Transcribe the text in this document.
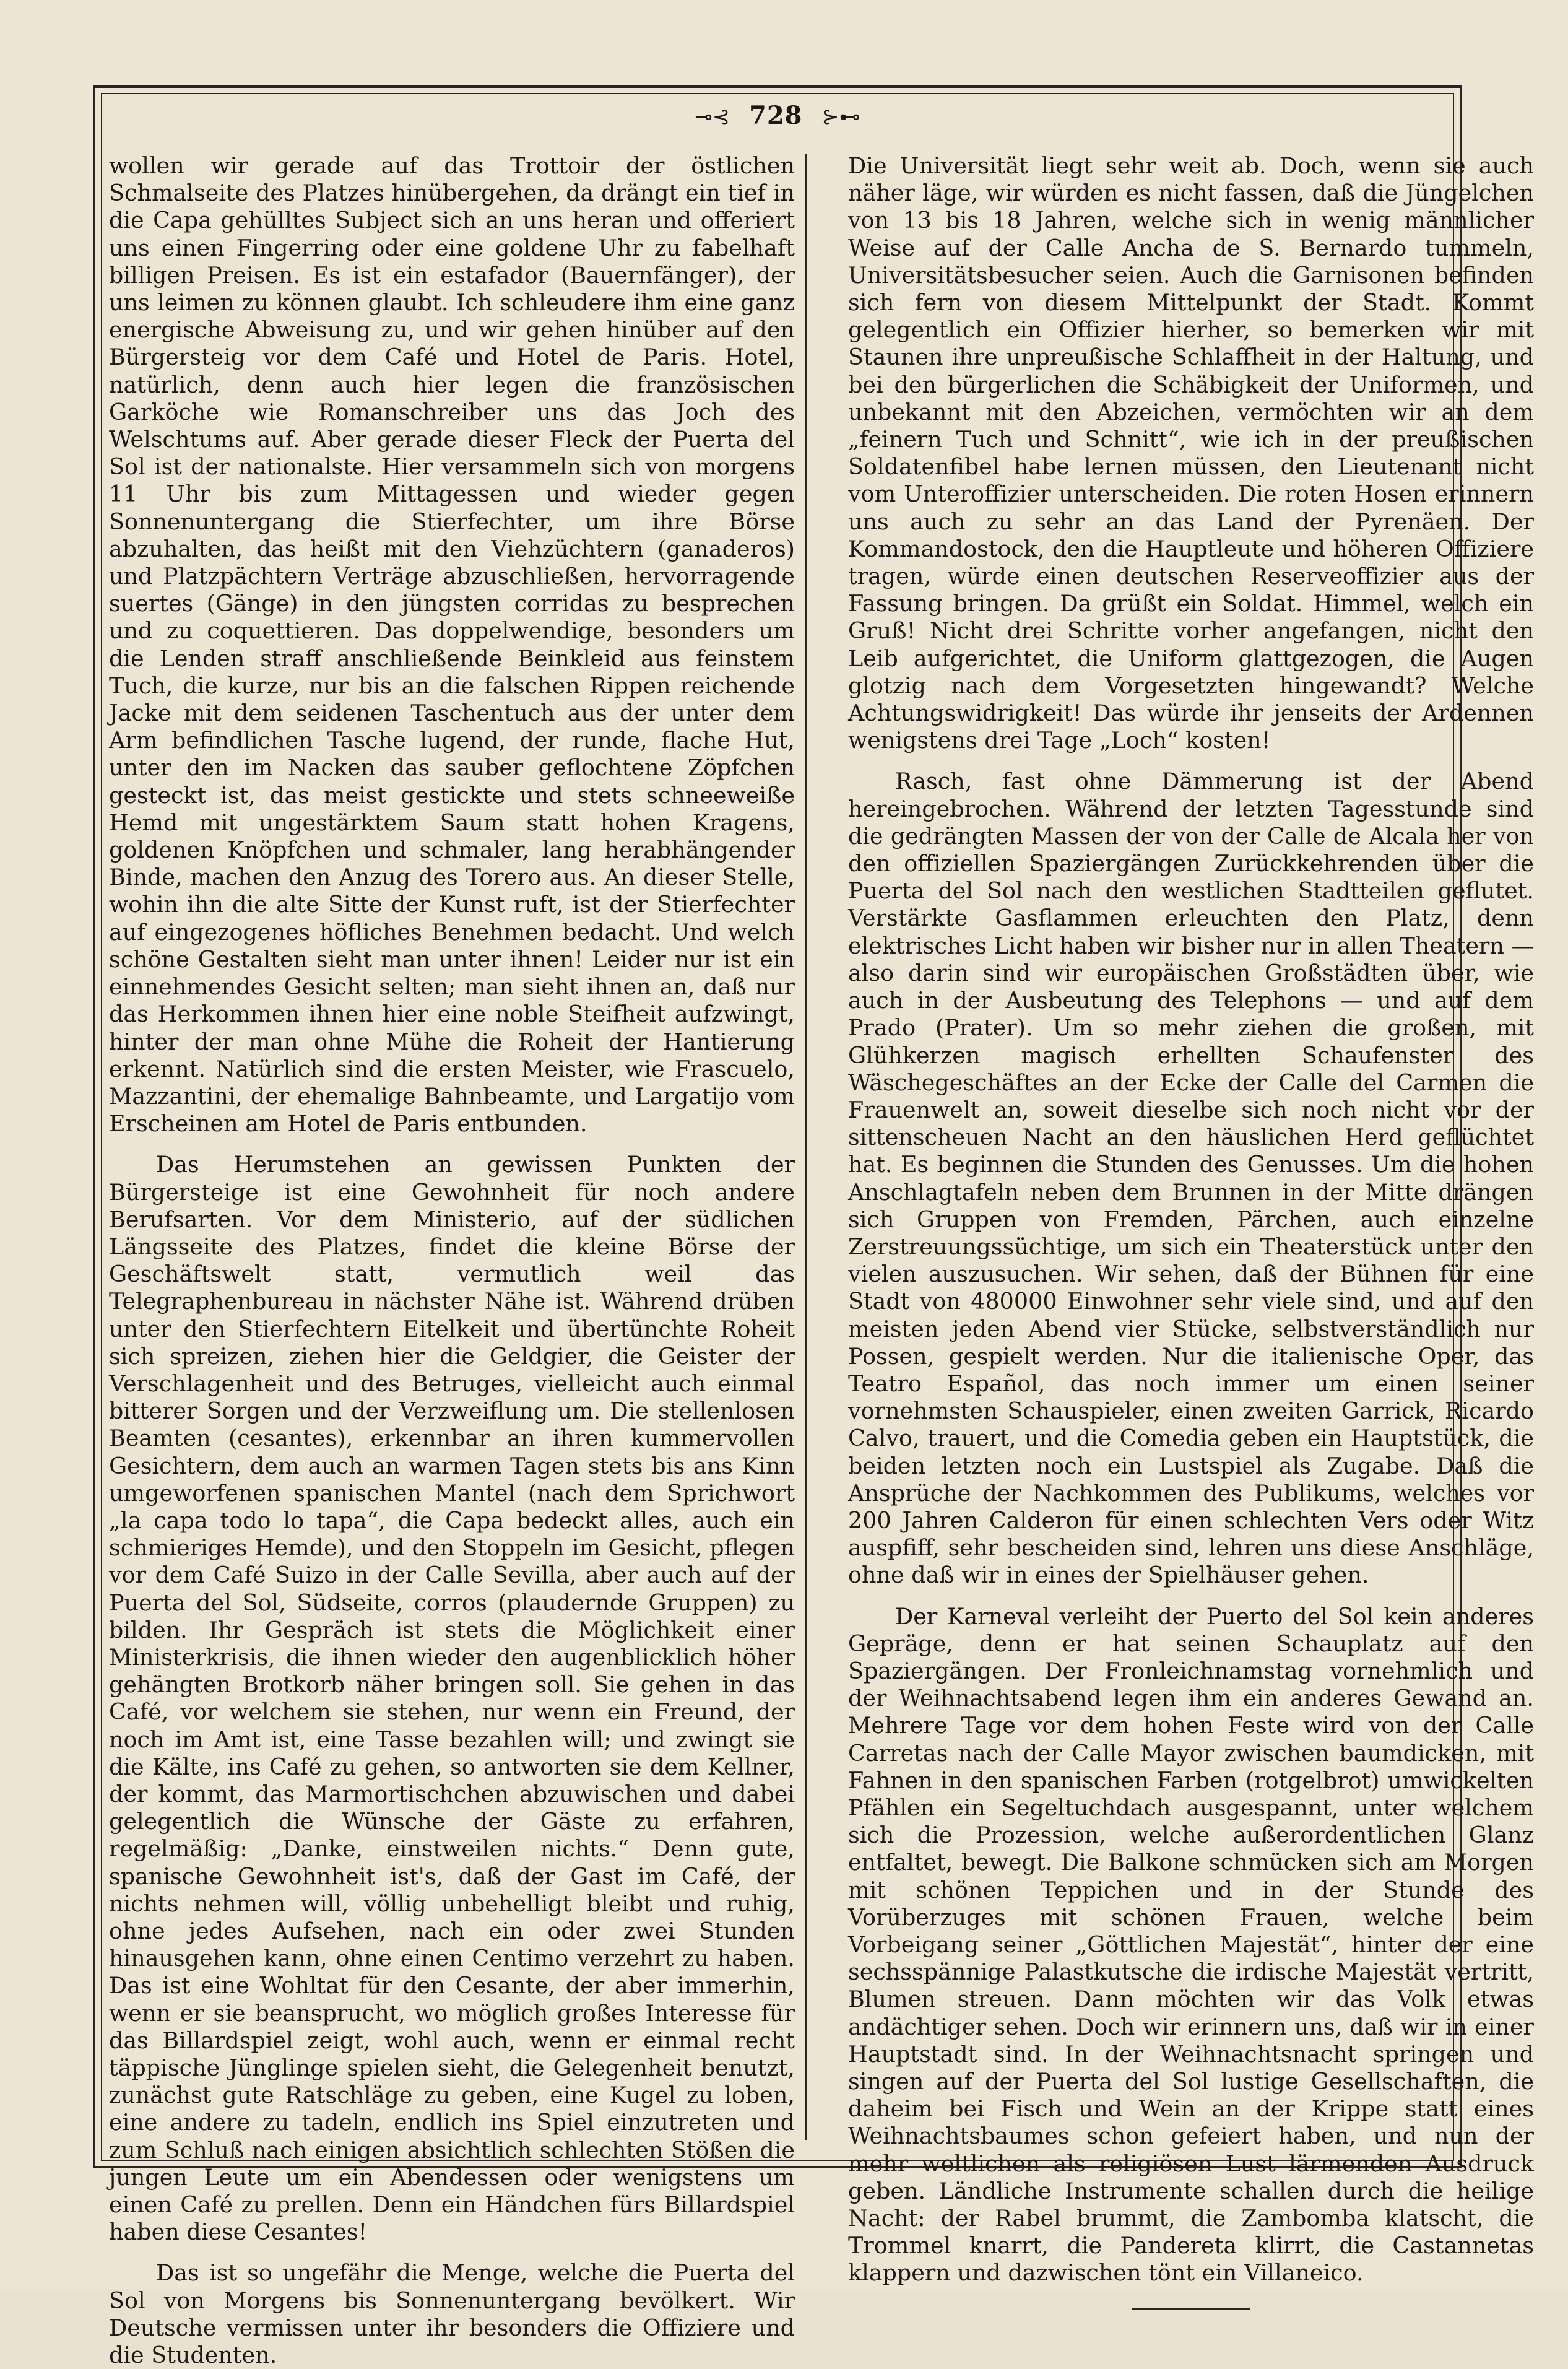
⊸⊰ 728 ⊱⊷

wollen wir gerade auf das Trottoir der östlichen Schmalseite des Platzes hinübergehen, da drängt ein tief in die Capa gehülltes Subject sich an uns heran und offeriert uns einen Fingerring oder eine goldene Uhr zu fabelhaft billigen Preisen. Es ist ein estafador (Bauernfänger), der uns leimen zu können glaubt. Ich schleudere ihm eine ganz energische Abweisung zu, und wir gehen hinüber auf den Bürgersteig vor dem Café und Hotel de Paris. Hotel, natürlich, denn auch hier legen die französischen Garköche wie Romanschreiber uns das Joch des Welschtums auf. Aber gerade dieser Fleck der Puerta del Sol ist der nationalste. Hier versammeln sich von morgens 11 Uhr bis zum Mittagessen und wieder gegen Sonnenuntergang die Stierfechter, um ihre Börse abzuhalten, das heißt mit den Viehzüchtern (ganaderos) und Platzpächtern Verträge abzuschließen, hervorragende suertes (Gänge) in den jüngsten corridas zu besprechen und zu coquettieren. Das doppelwendige, besonders um die Lenden straff anschließende Beinkleid aus feinstem Tuch, die kurze, nur bis an die falschen Rippen reichende Jacke mit dem seidenen Taschentuch aus der unter dem Arm befindlichen Tasche lugend, der runde, flache Hut, unter den im Nacken das sauber geflochtene Zöpfchen gesteckt ist, das meist gestickte und stets schneeweiße Hemd mit ungestärktem Saum statt hohen Kragens, goldenen Knöpfchen und schmaler, lang herabhängender Binde, machen den Anzug des Torero aus. An dieser Stelle, wohin ihn die alte Sitte der Kunst ruft, ist der Stierfechter auf eingezogenes höfliches Benehmen bedacht. Und welch schöne Gestalten sieht man unter ihnen! Leider nur ist ein einnehmendes Gesicht selten; man sieht ihnen an, daß nur das Herkommen ihnen hier eine noble Steifheit aufzwingt, hinter der man ohne Mühe die Roheit der Hantierung erkennt. Natürlich sind die ersten Meister, wie Frascuelo, Mazzantini, der ehemalige Bahnbeamte, und Largatijo vom Erscheinen am Hotel de Paris entbunden.

Das Herumstehen an gewissen Punkten der Bürgersteige ist eine Gewohnheit für noch andere Berufsarten. Vor dem Ministerio, auf der südlichen Längsseite des Platzes, findet die kleine Börse der Geschäftswelt statt, vermutlich weil das Telegraphenbureau in nächster Nähe ist. Während drüben unter den Stierfechtern Eitelkeit und übertünchte Roheit sich spreizen, ziehen hier die Geldgier, die Geister der Verschlagenheit und des Betruges, vielleicht auch einmal bitterer Sorgen und der Verzweiflung um. Die stellenlosen Beamten (cesantes), erkennbar an ihren kummervollen Gesichtern, dem auch an warmen Tagen stets bis ans Kinn umgeworfenen spanischen Mantel (nach dem Sprichwort „la capa todo lo tapa“, die Capa bedeckt alles, auch ein schmieriges Hemde), und den Stoppeln im Gesicht, pflegen vor dem Café Suizo in der Calle Sevilla, aber auch auf der Puerta del Sol, Südseite, corros (plaudernde Gruppen) zu bilden. Ihr Gespräch ist stets die Möglichkeit einer Ministerkrisis, die ihnen wieder den augenblicklich höher gehängten Brotkorb näher bringen soll. Sie gehen in das Café, vor welchem sie stehen, nur wenn ein Freund, der noch im Amt ist, eine Tasse bezahlen will; und zwingt sie die Kälte, ins Café zu gehen, so antworten sie dem Kellner, der kommt, das Marmortischchen abzuwischen und dabei gelegentlich die Wünsche der Gäste zu erfahren, regelmäßig: „Danke, einstweilen nichts.“ Denn gute, spanische Gewohnheit ist's, daß der Gast im Café, der nichts nehmen will, völlig unbehelligt bleibt und ruhig, ohne jedes Aufsehen, nach ein oder zwei Stunden hinausgehen kann, ohne einen Centimo verzehrt zu haben. Das ist eine Wohltat für den Cesante, der aber immerhin, wenn er sie beansprucht, wo möglich großes Interesse für das Billardspiel zeigt, wohl auch, wenn er einmal recht täppische Jünglinge spielen sieht, die Gelegenheit benutzt, zunächst gute Ratschläge zu geben, eine Kugel zu loben, eine andere zu tadeln, endlich ins Spiel einzutreten und zum Schluß nach einigen absichtlich schlechten Stößen die jungen Leute um ein Abendessen oder wenigstens um einen Café zu prellen. Denn ein Händchen fürs Billardspiel haben diese Cesantes!

Das ist so ungefähr die Menge, welche die Puerta del Sol von Morgens bis Sonnenuntergang bevölkert. Wir Deutsche vermissen unter ihr besonders die Offiziere und die Studenten.

Die Universität liegt sehr weit ab. Doch, wenn sie auch näher läge, wir würden es nicht fassen, daß die Jüngelchen von 13 bis 18 Jahren, welche sich in wenig männlicher Weise auf der Calle Ancha de S. Bernardo tummeln, Universitätsbesucher seien. Auch die Garnisonen befinden sich fern von diesem Mittelpunkt der Stadt. Kommt gelegentlich ein Offizier hierher, so bemerken wir mit Staunen ihre unpreußische Schlaffheit in der Haltung, und bei den bürgerlichen die Schäbigkeit der Uniformen, und unbekannt mit den Abzeichen, vermöchten wir an dem „feinern Tuch und Schnitt“, wie ich in der preußischen Soldatenfibel habe lernen müssen, den Lieutenant nicht vom Unteroffizier unterscheiden. Die roten Hosen erinnern uns auch zu sehr an das Land der Pyrenäen. Der Kommandostock, den die Hauptleute und höheren Offiziere tragen, würde einen deutschen Reserveoffizier aus der Fassung bringen. Da grüßt ein Soldat. Himmel, welch ein Gruß! Nicht drei Schritte vorher angefangen, nicht den Leib aufgerichtet, die Uniform glattgezogen, die Augen glotzig nach dem Vorgesetzten hingewandt? Welche Achtungswidrigkeit! Das würde ihr jenseits der Ardennen wenigstens drei Tage „Loch“ kosten!

Rasch, fast ohne Dämmerung ist der Abend hereingebrochen. Während der letzten Tagesstunde sind die gedrängten Massen der von der Calle de Alcala her von den offiziellen Spaziergängen Zurückkehrenden über die Puerta del Sol nach den westlichen Stadtteilen geflutet. Verstärkte Gasflammen erleuchten den Platz, denn elektrisches Licht haben wir bisher nur in allen Theatern — also darin sind wir europäischen Großstädten über, wie auch in der Ausbeutung des Telephons — und auf dem Prado (Prater). Um so mehr ziehen die großen, mit Glühkerzen magisch erhellten Schaufenster des Wäschegeschäftes an der Ecke der Calle del Carmen die Frauenwelt an, soweit dieselbe sich noch nicht vor der sittenscheuen Nacht an den häuslichen Herd geflüchtet hat. Es beginnen die Stunden des Genusses. Um die hohen Anschlagtafeln neben dem Brunnen in der Mitte drängen sich Gruppen von Fremden, Pärchen, auch einzelne Zerstreuungssüchtige, um sich ein Theaterstück unter den vielen auszusuchen. Wir sehen, daß der Bühnen für eine Stadt von 480000 Einwohner sehr viele sind, und auf den meisten jeden Abend vier Stücke, selbstverständlich nur Possen, gespielt werden. Nur die italienische Oper, das Teatro Español, das noch immer um einen seiner vornehmsten Schauspieler, einen zweiten Garrick, Ricardo Calvo, trauert, und die Comedia geben ein Hauptstück, die beiden letzten noch ein Lustspiel als Zugabe. Daß die Ansprüche der Nachkommen des Publikums, welches vor 200 Jahren Calderon für einen schlechten Vers oder Witz auspfiff, sehr bescheiden sind, lehren uns diese Anschläge, ohne daß wir in eines der Spielhäuser gehen.

Der Karneval verleiht der Puerto del Sol kein anderes Gepräge, denn er hat seinen Schauplatz auf den Spaziergängen. Der Fronleichnamstag vornehmlich und der Weihnachtsabend legen ihm ein anderes Gewand an. Mehrere Tage vor dem hohen Feste wird von der Calle Carretas nach der Calle Mayor zwischen baumdicken, mit Fahnen in den spanischen Farben (rotgelbrot) umwickelten Pfählen ein Segeltuchdach ausgespannt, unter welchem sich die Prozession, welche außerordentlichen Glanz entfaltet, bewegt. Die Balkone schmücken sich am Morgen mit schönen Teppichen und in der Stunde des Vorüberzuges mit schönen Frauen, welche beim Vorbeigang seiner „Göttlichen Majestät“, hinter der eine sechsspännige Palastkutsche die irdische Majestät vertritt, Blumen streuen. Dann möchten wir das Volk etwas andächtiger sehen. Doch wir erinnern uns, daß wir in einer Hauptstadt sind. In der Weihnachtsnacht springen und singen auf der Puerta del Sol lustige Gesellschaften, die daheim bei Fisch und Wein an der Krippe statt eines Weihnachtsbaumes schon gefeiert haben, und nun der mehr weltlichen als religiösen Lust lärmenden Ausdruck geben. Ländliche Instrumente schallen durch die heilige Nacht: der Rabel brummt, die Zambomba klatscht, die Trommel knarrt, die Pandereta klirrt, die Castannetas klappern und dazwischen tönt ein Villaneico.
